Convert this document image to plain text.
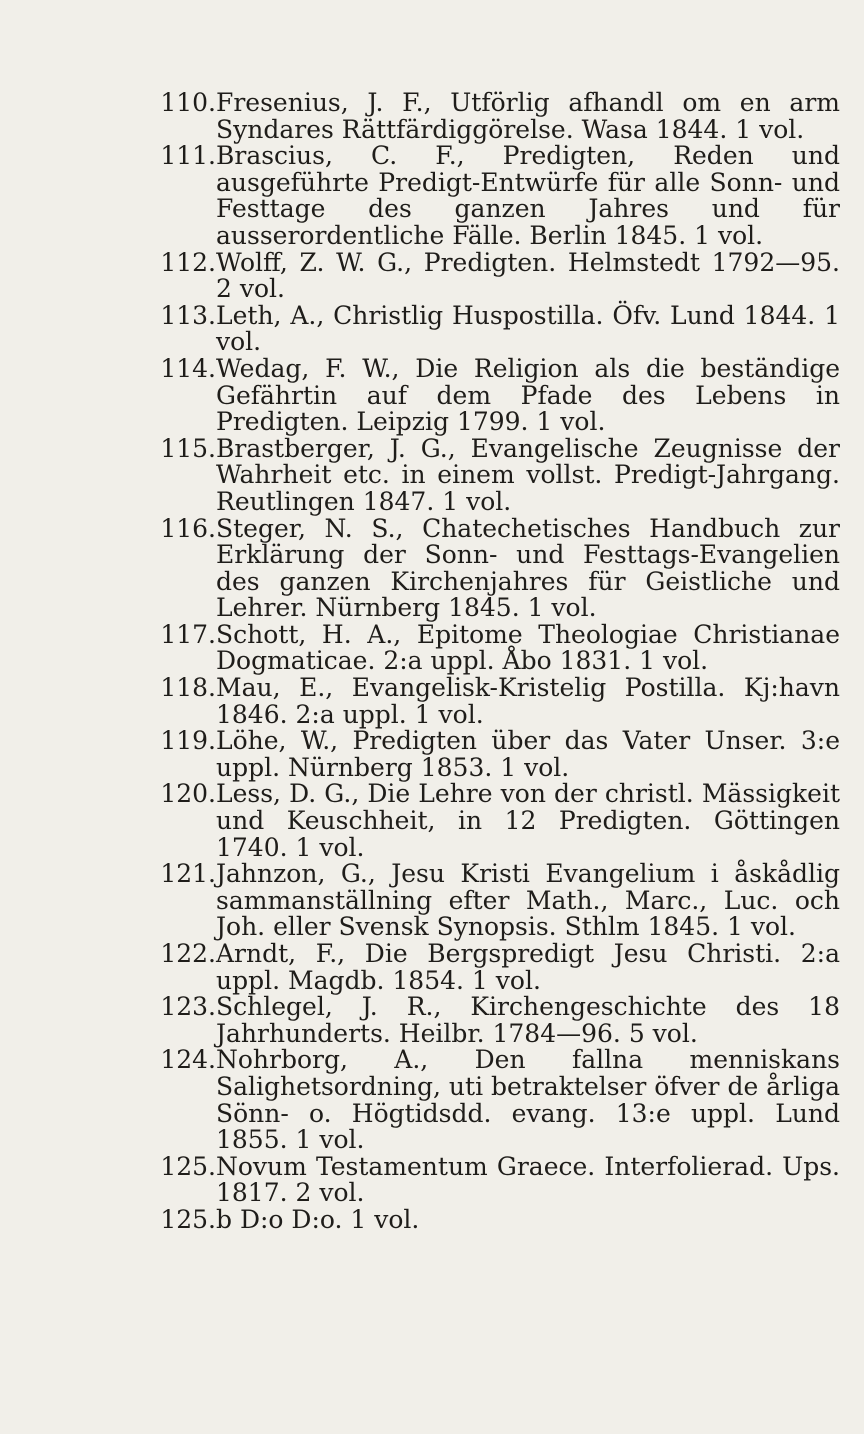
110. Fresenius, J. F., Utförlig afhandl om en arm Syndares Rättfärdiggörelse. Wasa 1844. 1 vol.
111. Brascius, C. F., Predigten, Reden und ausgeführte Predigt-Entwürfe für alle Sonn- und Festtage des ganzen Jahres und für ausserordentliche Fälle. Berlin 1845. 1 vol.
112. Wolff, Z. W. G., Predigten. Helmstedt 1792—95. 2 vol.
113. Leth, A., Christlig Huspostilla. Öfv. Lund 1844. 1 vol.
114. Wedag, F. W., Die Religion als die beständige Gefährtin auf dem Pfade des Lebens in Predigten. Leipzig 1799. 1 vol.
115. Brastberger, J. G., Evangelische Zeugnisse der Wahrheit etc. in einem vollst. Predigt-Jahrgang. Reutlingen 1847. 1 vol.
116. Steger, N. S., Chatechetisches Handbuch zur Erklärung der Sonn- und Festtags-Evangelien des ganzen Kirchenjahres für Geistliche und Lehrer. Nürnberg 1845. 1 vol.
117. Schott, H. A., Epitome Theologiae Christianae Dogmaticae. 2:a uppl. Åbo 1831. 1 vol.
118. Mau, E., Evangelisk-Kristelig Postilla. Kj:havn 1846. 2:a uppl. 1 vol.
119. Löhe, W., Predigten über das Vater Unser. 3:e uppl. Nürnberg 1853. 1 vol.
120. Less, D. G., Die Lehre von der christl. Mässigkeit und Keuschheit, in 12 Predigten. Göttingen 1740. 1 vol.
121. Jahnzon, G., Jesu Kristi Evangelium i åskådlig sammanställning efter Math., Marc., Luc. och Joh. eller Svensk Synopsis. Sthlm 1845. 1 vol.
122. Arndt, F., Die Bergspredigt Jesu Christi. 2:a uppl. Magdb. 1854. 1 vol.
123. Schlegel, J. R., Kirchengeschichte des 18 Jahrhunderts. Heilbr. 1784—96. 5 vol.
124. Nohrborg, A., Den fallna menniskans Salighetsordning, uti betraktelser öfver de årliga Sönn- o. Högtidsdd. evang. 13:e uppl. Lund 1855. 1 vol.
125. Novum Testamentum Graece. Interfolierad. Ups. 1817. 2 vol.
125. b D:o D:o. 1 vol.
